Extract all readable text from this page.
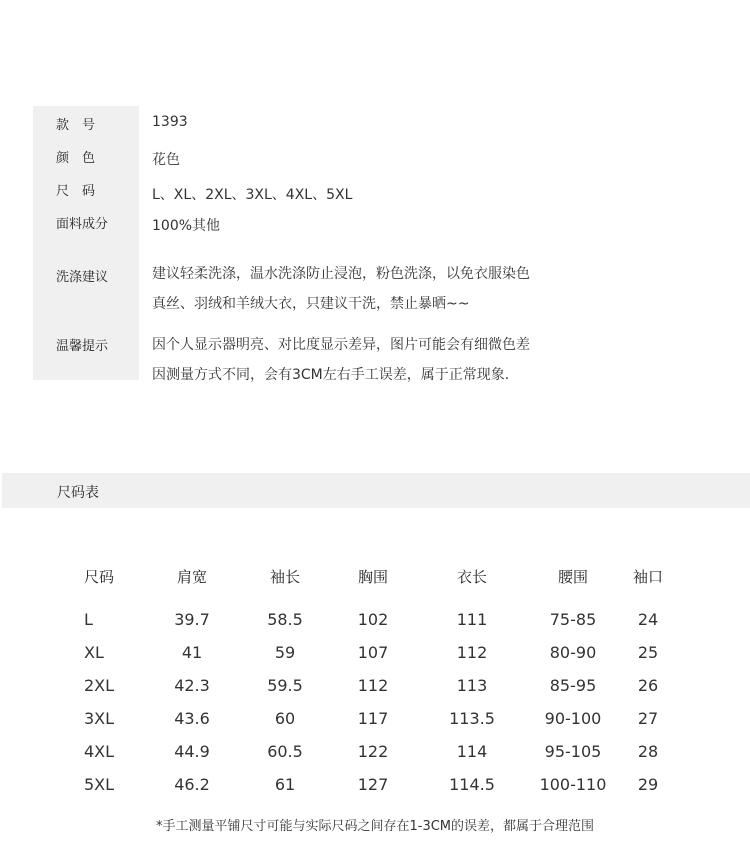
款　号	1393
颜　色	花色
尺　码	L、XL、2XL、3XL、4XL、5XL
面料成分	100%其他
洗涤建议	建议轻柔洗涤，温水洗涤防止浸泡，粉色洗涤，以免衣服染色
真丝、羽绒和羊绒大衣，只建议干洗，禁止暴晒~~
温馨提示	因个人显示器明亮、对比度显示差异，图片可能会有细微色差
因测量方式不同，会有3CM左右手工误差，属于正常现象.
尺码表
尺码	肩宽	袖长	胸围	衣长	腰围	袖口
L	39.7	58.5	102	111	75-85	24
XL	41	59	107	112	80-90	25
2XL	42.3	59.5	112	113	85-95	26
3XL	43.6	60	117	113.5	90-100	27
4XL	44.9	60.5	122	114	95-105	28
5XL	46.2	61	127	114.5	100-110	29
*手工测量平铺尺寸可能与实际尺码之间存在1-3CM的误差，都属于合理范围
